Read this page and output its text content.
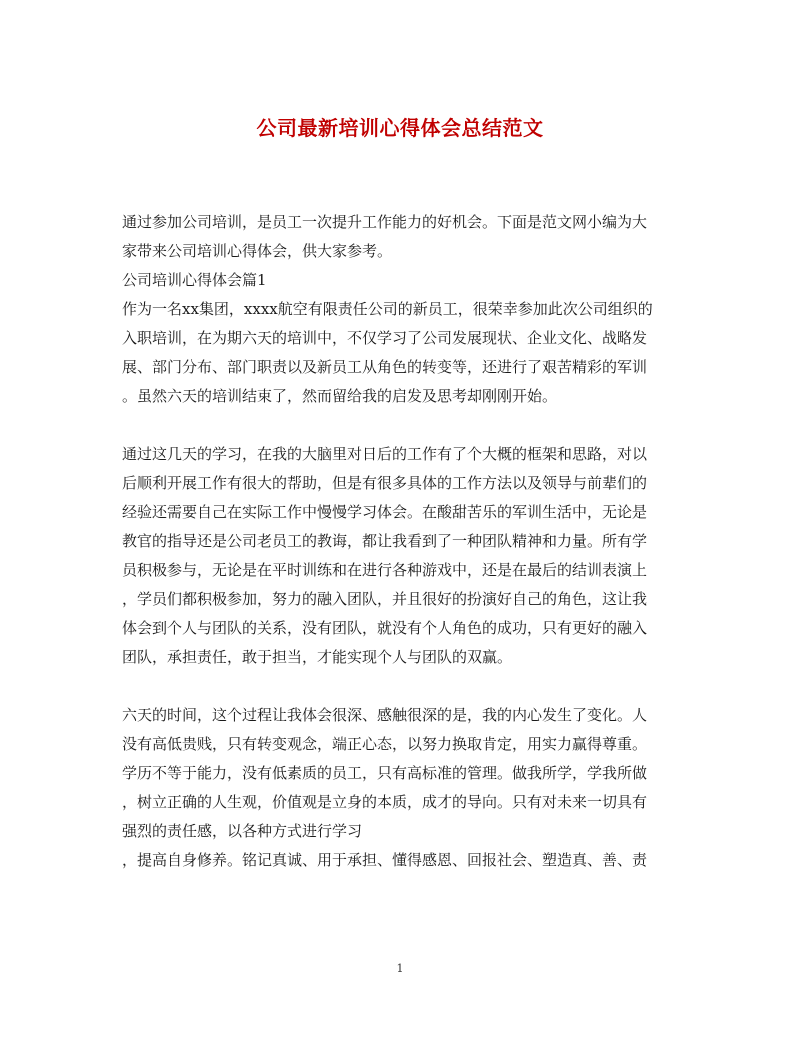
公司最新培训心得体会总结范文
通过参加公司培训，是员工一次提升工作能力的好机会。下面是范文网小编为大
家带来公司培训心得体会，供大家参考。
公司培训心得体会篇1
作为一名xx集团，xxxx航空有限责任公司的新员工，很荣幸参加此次公司组织的
入职培训，在为期六天的培训中，不仅学习了公司发展现状、企业文化、战略发
展、部门分布、部门职责以及新员工从角色的转变等，还进行了艰苦精彩的军训
。虽然六天的培训结束了，然而留给我的启发及思考却刚刚开始。
通过这几天的学习，在我的大脑里对日后的工作有了个大概的框架和思路，对以
后顺利开展工作有很大的帮助，但是有很多具体的工作方法以及领导与前辈们的
经验还需要自己在实际工作中慢慢学习体会。在酸甜苦乐的军训生活中，无论是
教官的指导还是公司老员工的教诲，都让我看到了一种团队精神和力量。所有学
员积极参与，无论是在平时训练和在进行各种游戏中，还是在最后的结训表演上
，学员们都积极参加，努力的融入团队，并且很好的扮演好自己的角色，这让我
体会到个人与团队的关系，没有团队，就没有个人角色的成功，只有更好的融入
团队，承担责任，敢于担当，才能实现个人与团队的双赢。
六天的时间，这个过程让我体会很深、感触很深的是，我的内心发生了变化。人
没有高低贵贱，只有转变观念，端正心态，以努力换取肯定，用实力赢得尊重。
学历不等于能力，没有低素质的员工，只有高标准的管理。做我所学，学我所做
，树立正确的人生观，价值观是立身的本质，成才的导向。只有对未来一切具有
强烈的责任感，以各种方式进行学习
，提高自身修养。铭记真诚、用于承担、懂得感恩、回报社会、塑造真、善、责
1
